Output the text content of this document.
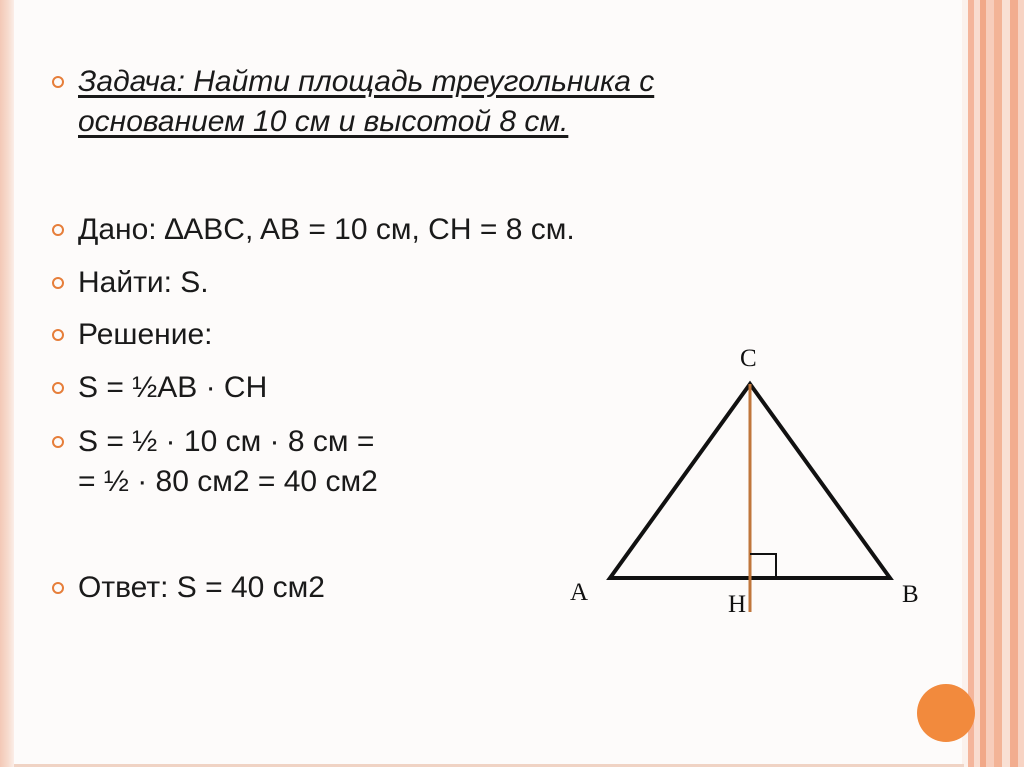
Задача: Найти площадь треугольника с
основанием 10 см и высотой 8 см.
Дано: ∆ABC, AB = 10 см, CH = 8 см.
Найти: S.
Решение:
S = ½AB · CH
S = ½ · 10 см · 8 см =
= ½ · 80 см2 = 40 см2
Ответ: S = 40 см2
C
A	B
H
